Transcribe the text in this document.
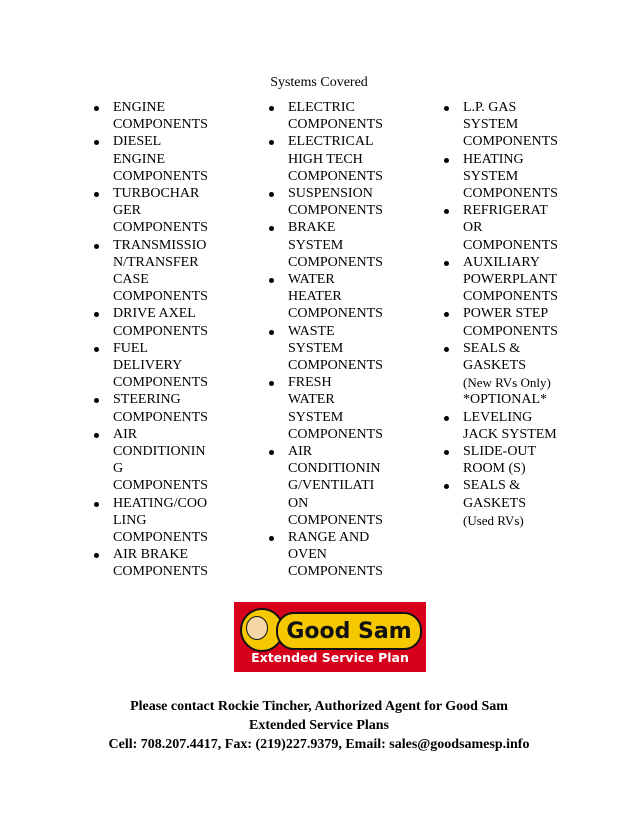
Systems Covered
ENGINE
COMPONENTS
DIESEL
ENGINE
COMPONENTS
TURBOCHAR
GER
COMPONENTS
TRANSMISSIO
N/TRANSFER
CASE
COMPONENTS
DRIVE AXEL
COMPONENTS
FUEL
DELIVERY
COMPONENTS
STEERING
COMPONENTS
AIR
CONDITIONIN
G
COMPONENTS
HEATING/COO
LING
COMPONENTS
AIR BRAKE
COMPONENTS
ELECTRIC
COMPONENTS
ELECTRICAL
HIGH TECH
COMPONENTS
SUSPENSION
COMPONENTS
BRAKE
SYSTEM
COMPONENTS
WATER
HEATER
COMPONENTS
WASTE
SYSTEM
COMPONENTS
FRESH
WATER
SYSTEM
COMPONENTS
AIR
CONDITIONIN
G/VENTILATI
ON
COMPONENTS
RANGE AND
OVEN
COMPONENTS
L.P. GAS
SYSTEM
COMPONENTS
HEATING
SYSTEM
COMPONENTS
REFRIGERAT
OR
COMPONENTS
AUXILIARY
POWERPLANT
COMPONENTS
POWER STEP
COMPONENTS
SEALS &
GASKETS
(New RVs Only)
*OPTIONAL*
LEVELING
JACK SYSTEM
SLIDE-OUT
ROOM (S)
SEALS &
GASKETS
(Used RVs)
Good Sam
Extended Service Plan
Please contact Rockie Tincher, Authorized Agent for Good Sam
Extended Service Plans
Cell: 708.207.4417, Fax: (219)227.9379, Email: sales@goodsamesp.info
